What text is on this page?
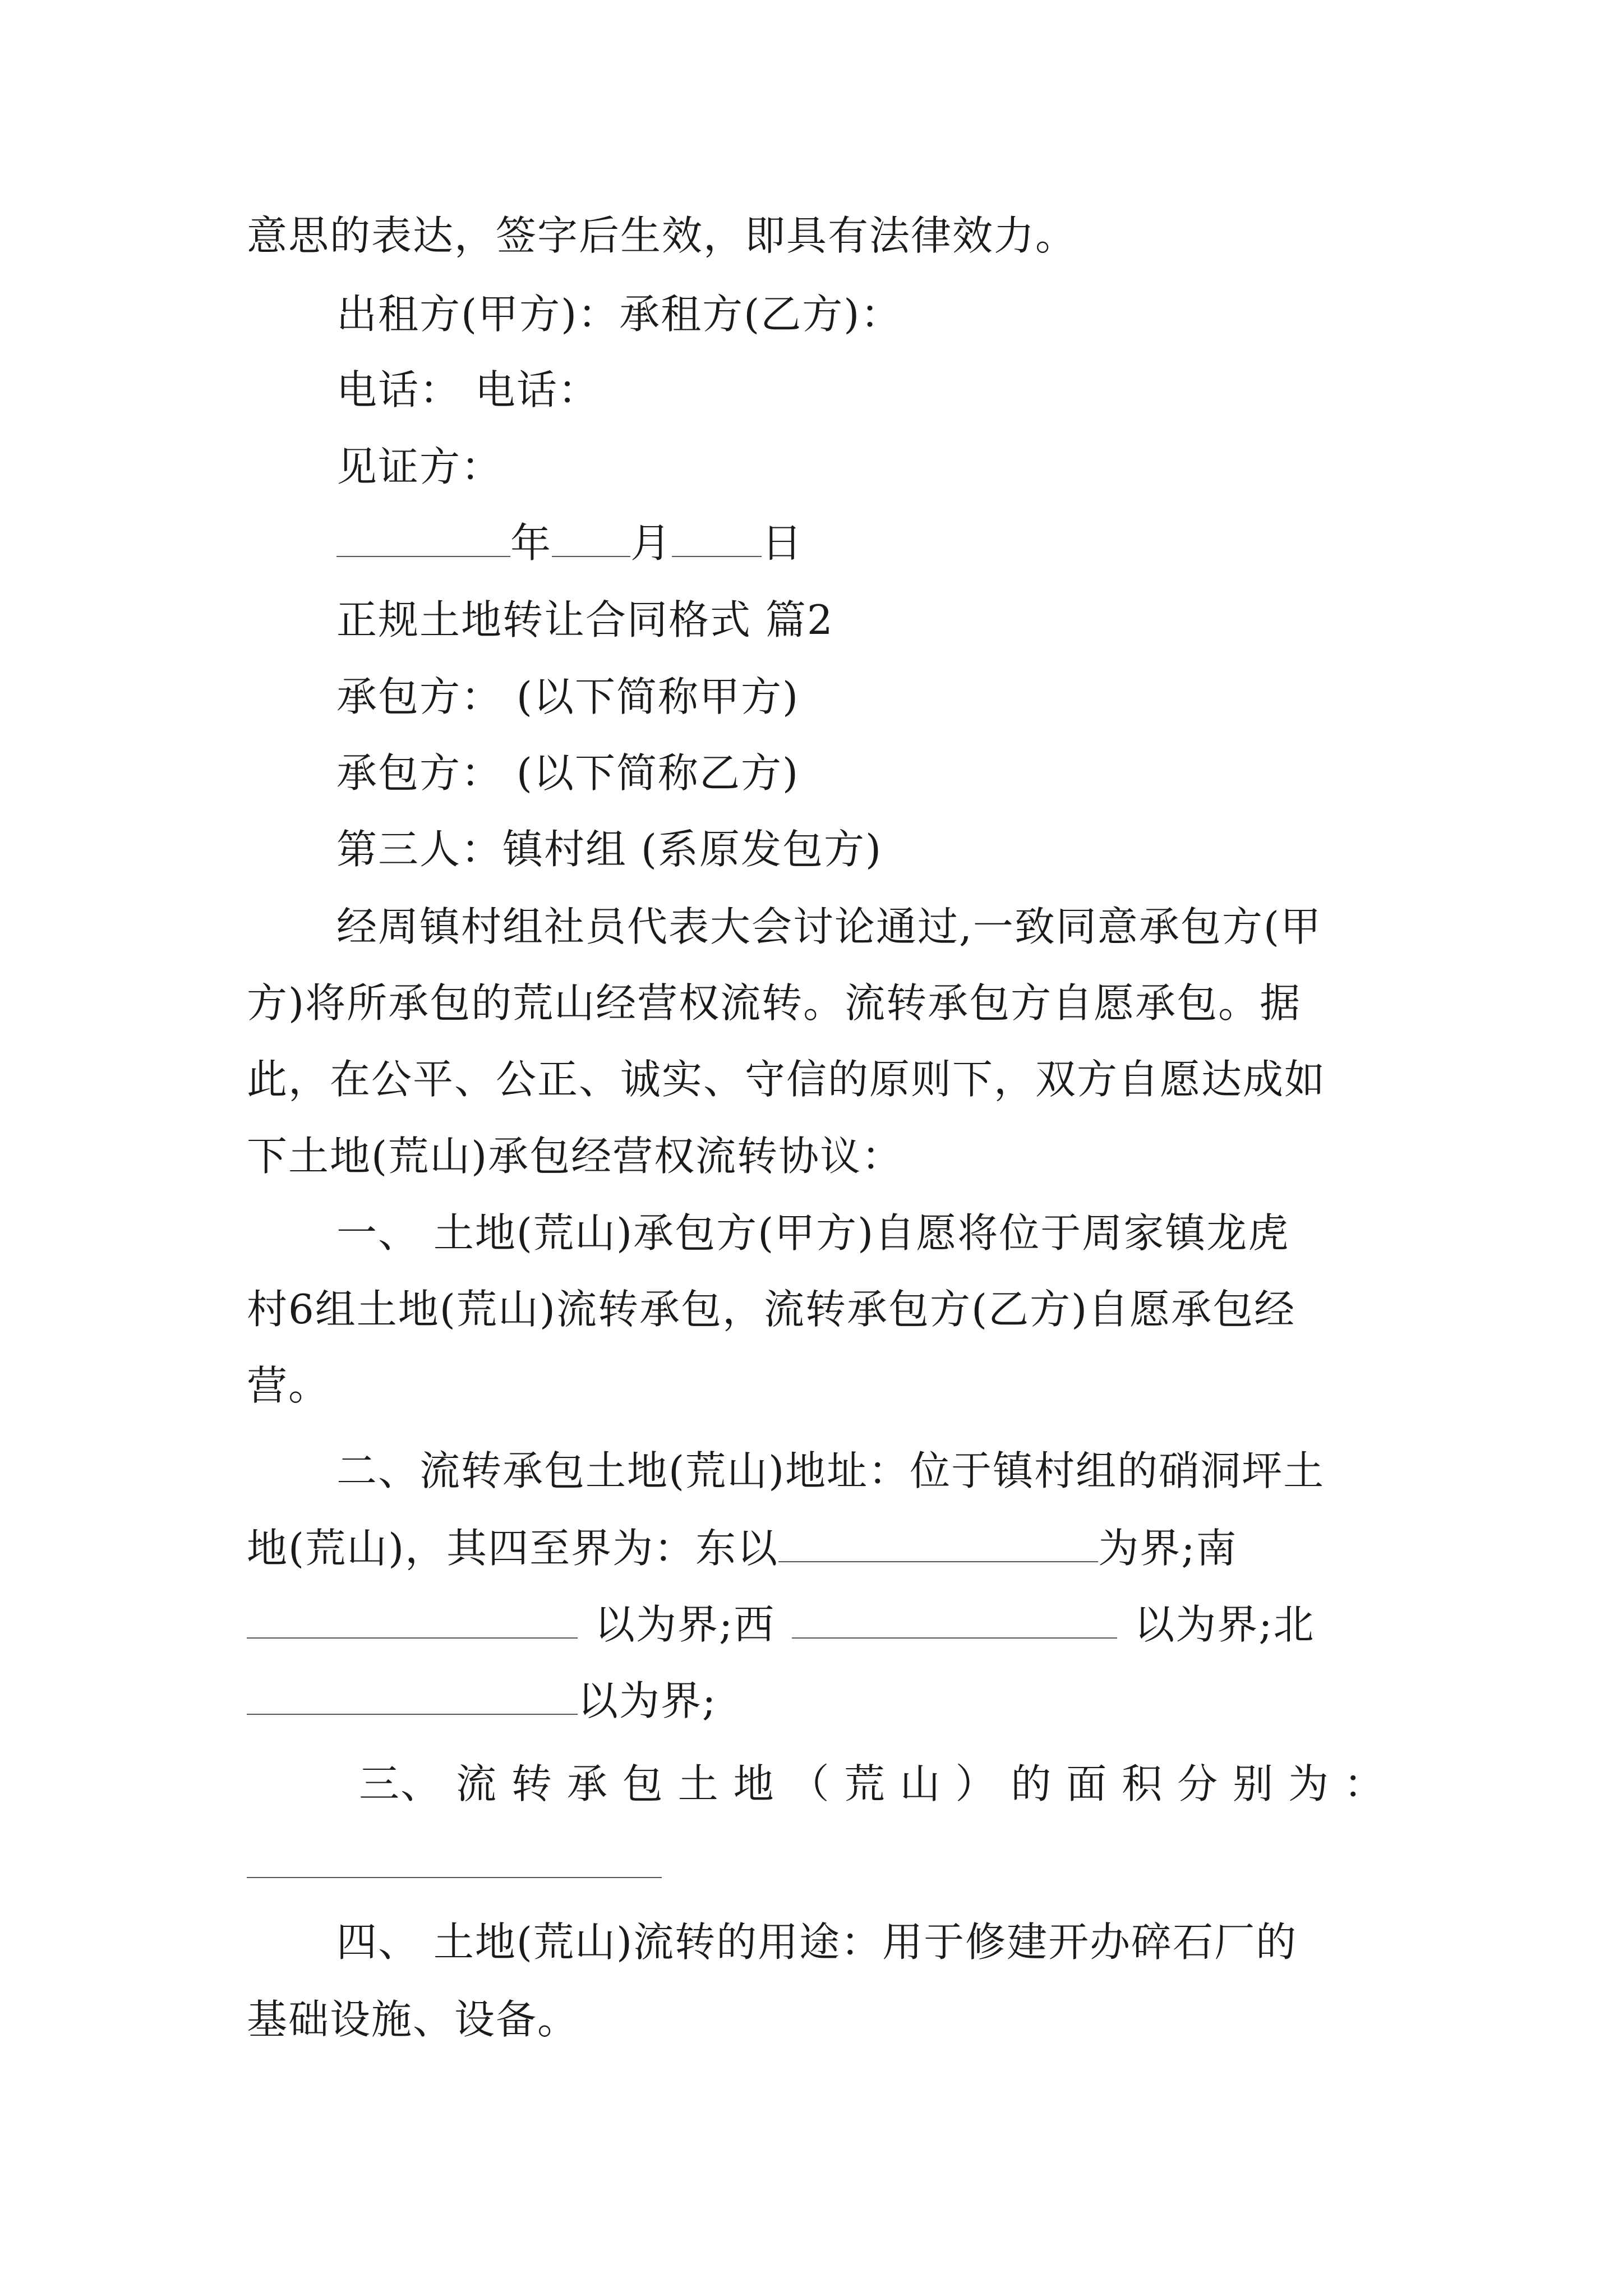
意思的表达，签字后生效，即具有法律效力。
出租方(甲方)：承租方(乙方)：
电话： 电话：
见证方：
年 月 日
正规土地转让合同格式 篇2
承包方： (以下简称甲方)
承包方： (以下简称乙方)
第三人：镇村组 (系原发包方)
经周镇村组社员代表大会讨论通过,一致同意承包方(甲
方)将所承包的荒山经营权流转。流转承包方自愿承包。据
此，在公平、公正、诚实、守信的原则下，双方自愿达成如
下土地(荒山)承包经营权流转协议：
一、 土地(荒山)承包方(甲方)自愿将位于周家镇龙虎
村6组土地(荒山)流转承包，流转承包方(乙方)自愿承包经
营。
二、流转承包土地(荒山)地址：位于镇村组的硝洞坪土
地(荒山)，其四至界为：东以	为界;南
以为界;西	以为界;北
以为界;
三、 流 转 承 包 土 地 （ 荒 山 ） 的 面 积 分 别 为 ：
四、 土地(荒山)流转的用途：用于修建开办碎石厂的
基础设施、设备。
